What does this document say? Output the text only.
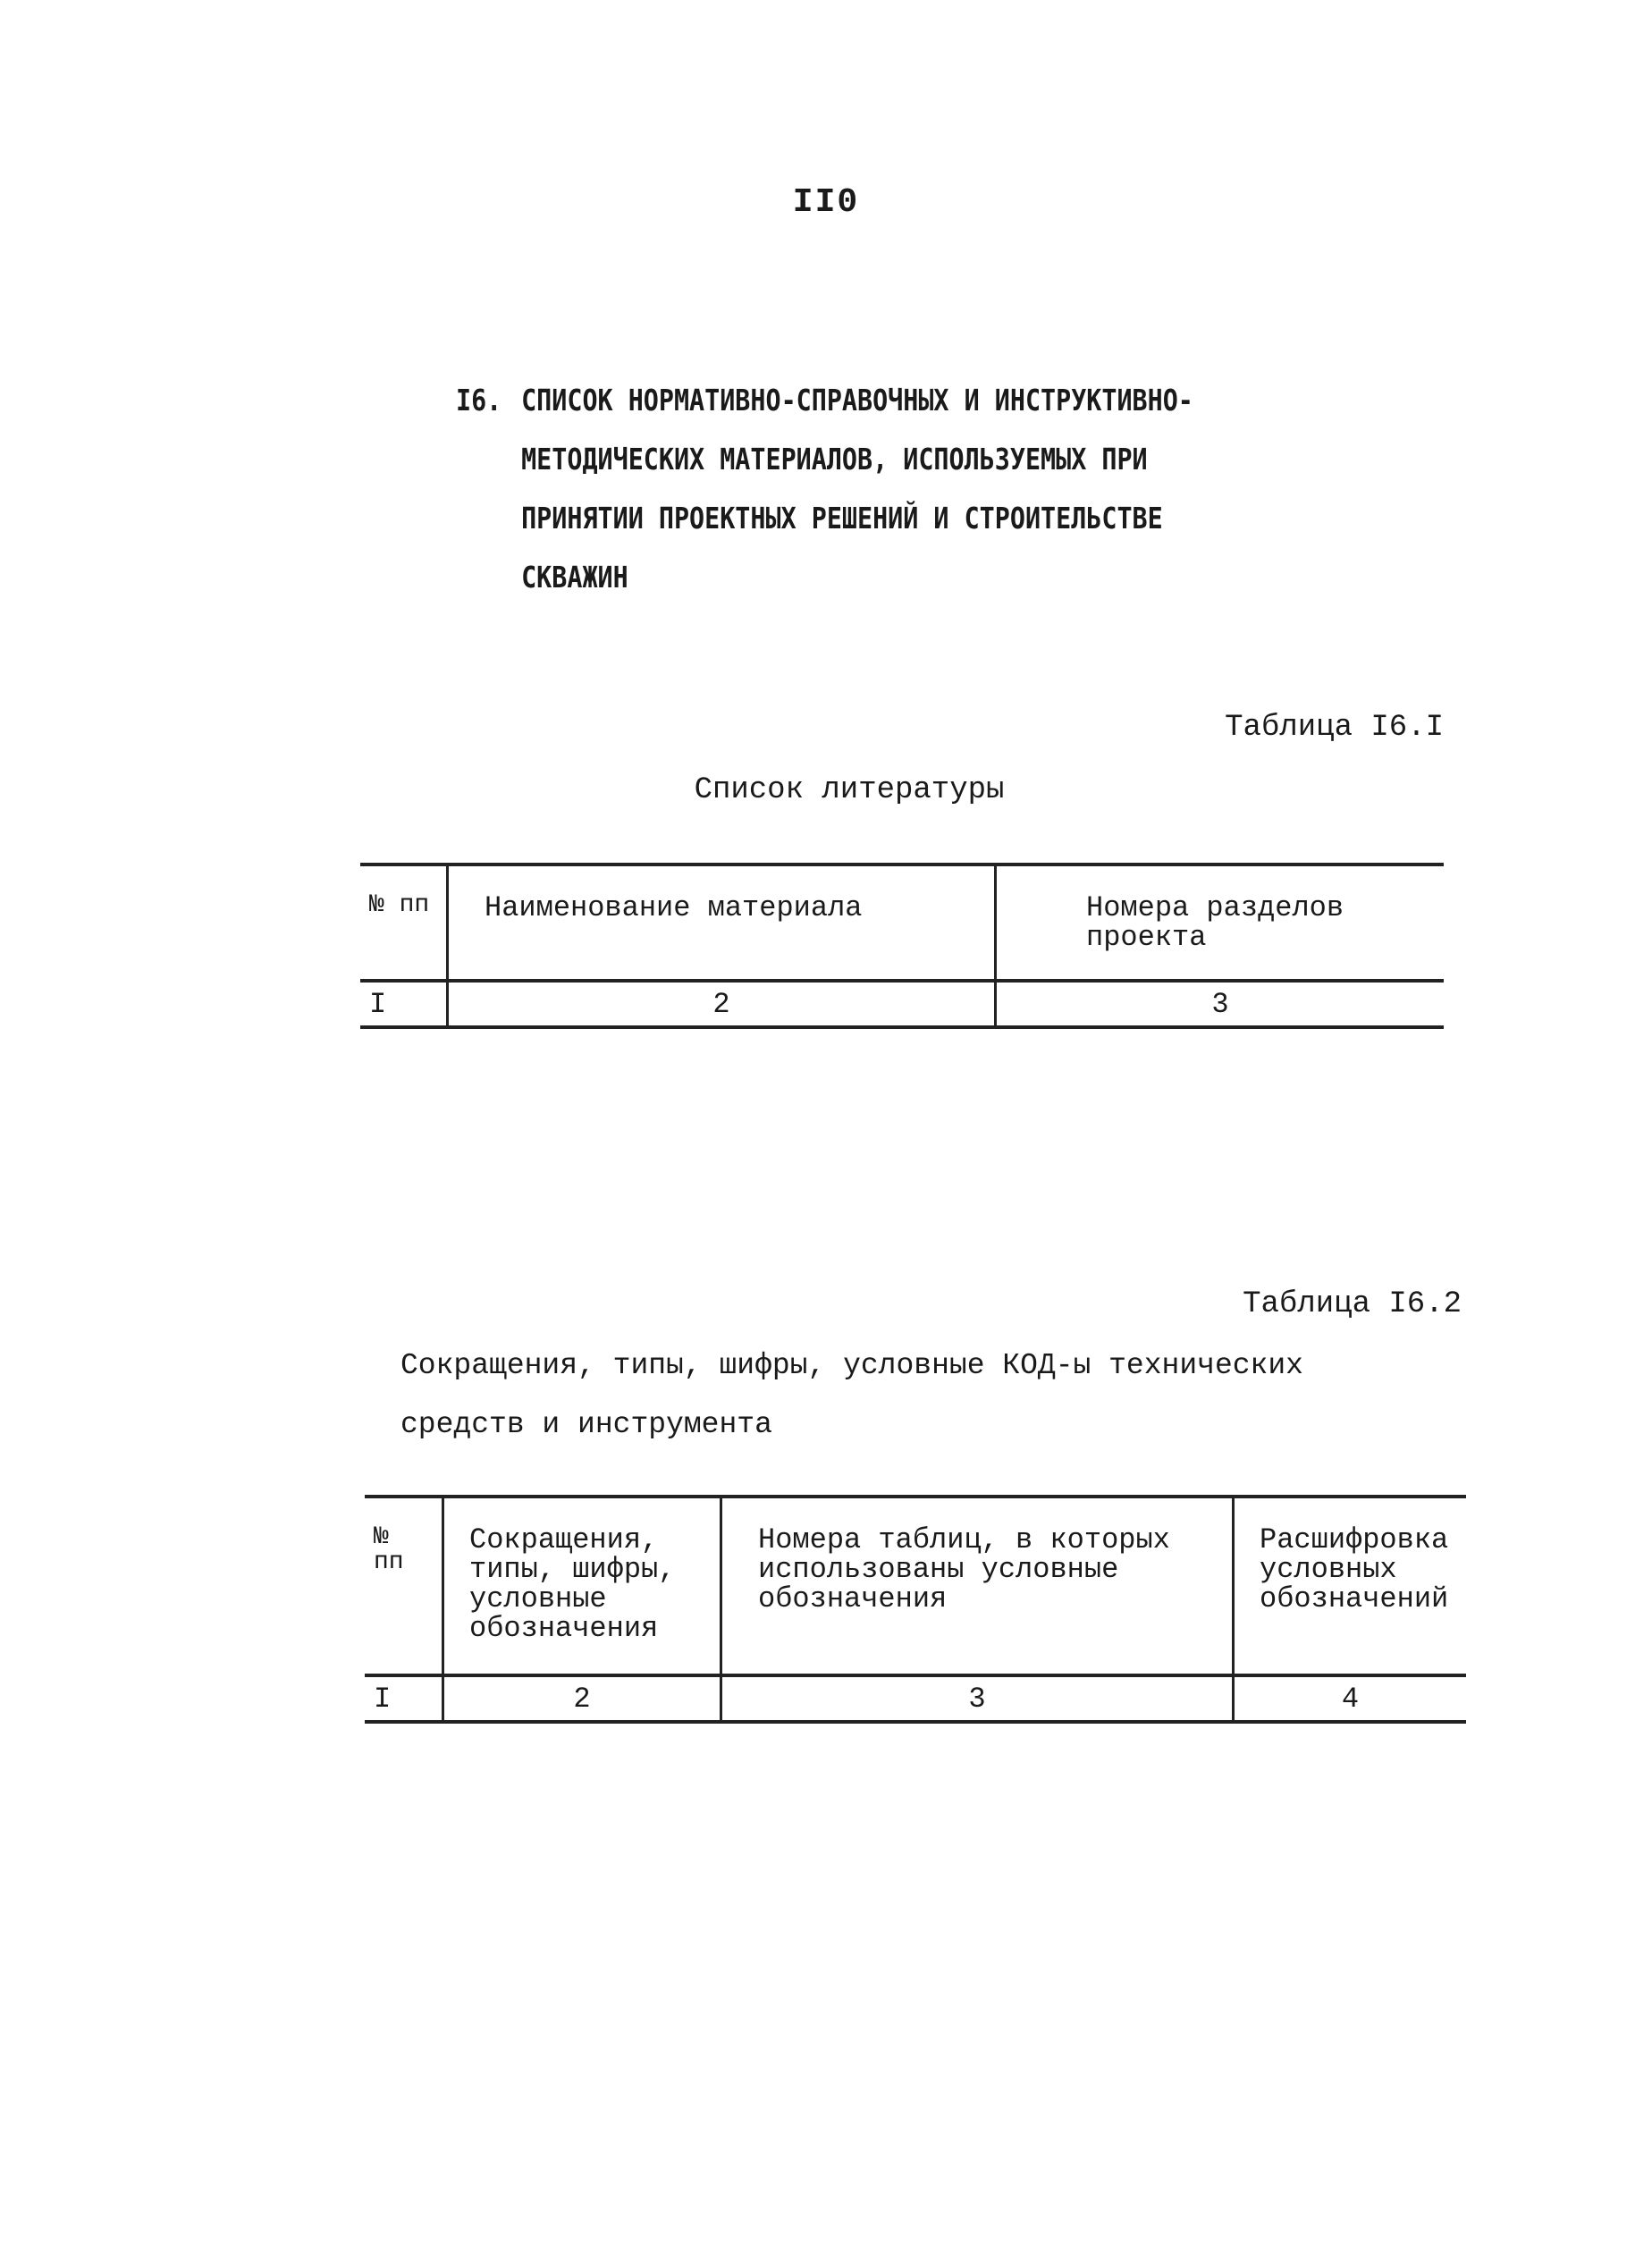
II0
I6. СПИСОК НОРМАТИВНО-СПРАВОЧНЫХ И ИНСТРУКТИВНО-
МЕТОДИЧЕСКИХ МАТЕРИАЛОВ, ИСПОЛЬЗУЕМЫХ ПРИ
ПРИНЯТИИ ПРОЕКТНЫХ РЕШЕНИЙ И СТРОИТЕЛЬСТВЕ
СКВАЖИН
Таблица I6.I
Список литературы
№ пп	Наименование материала	Номера разделов проекта
I	2	3
Таблица I6.2
Сокращения, типы, шифры, условные КОД-ы технических
средств и инструмента
№ пп	Сокращения, типы, шифры, условные обозначения	Номера таблиц, в которых использованы условные обозначения	Расшифровка условных обозначений
I	2	3	4
